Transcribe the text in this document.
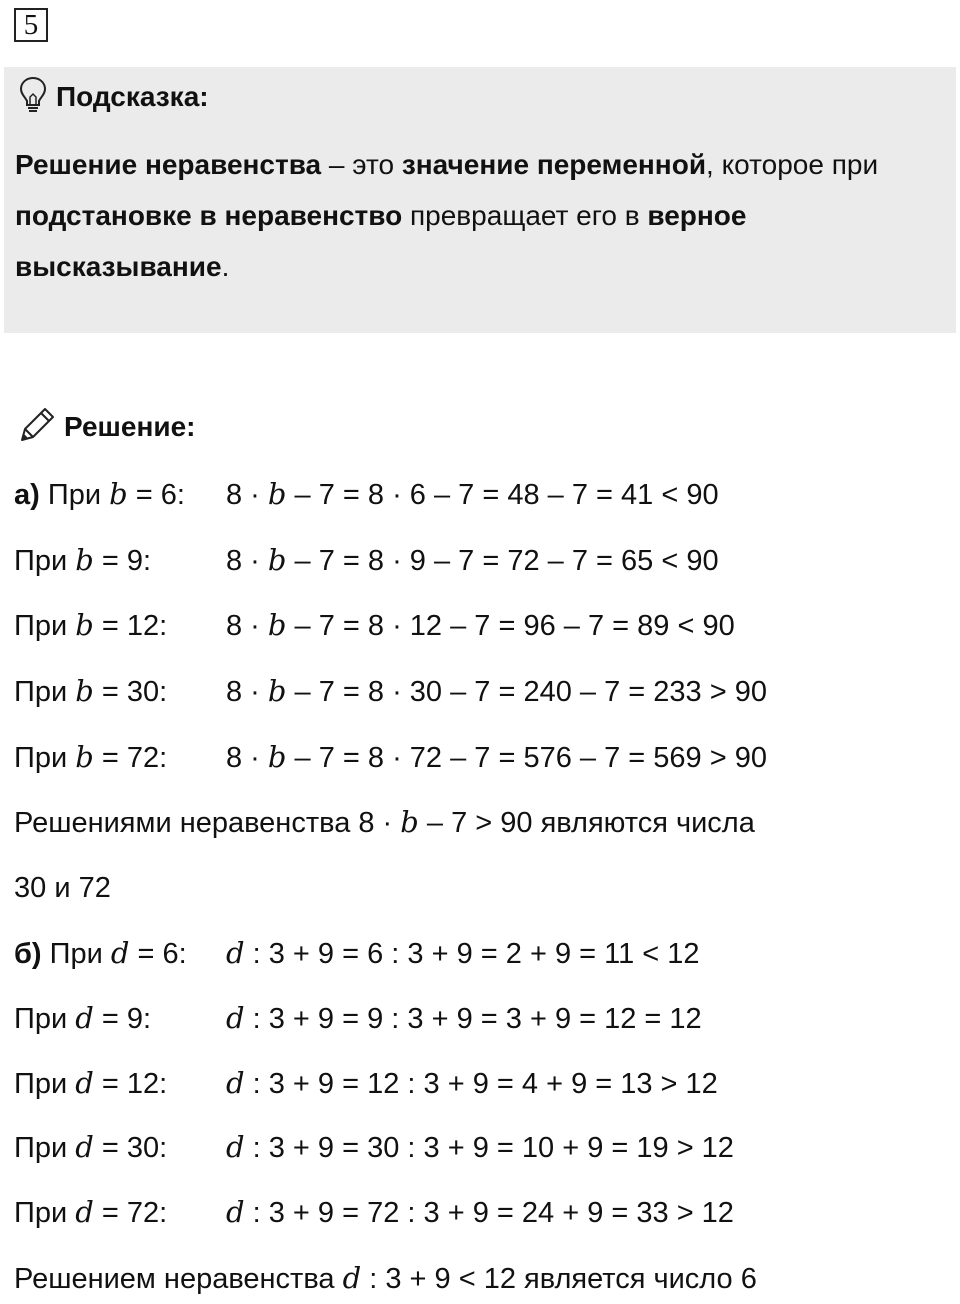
5
Подсказка:

Решение неравенства – это значение переменной, которое при подстановке в неравенство превращает его в верное высказывание.

Решение:
а) При b = 6: 8 · b – 7 = 8 · 6 – 7 = 48 – 7 = 41 < 90
При b = 9:	8 · b – 7 = 8 · 9 – 7 = 72 – 7 = 65 < 90
При b = 12: 8 · b – 7 = 8 · 12 – 7 = 96 – 7 = 89 < 90
При b = 30: 8 · b – 7 = 8 · 30 – 7 = 240 – 7 = 233 > 90
При b = 72: 8 · b – 7 = 8 · 72 – 7 = 576 – 7 = 569 > 90
Решениями неравенства 8 · b – 7 > 90 являются числа
30 и 72
б) При d = 6: d : 3 + 9 = 6 : 3 + 9 = 2 + 9 = 11 < 12
При d = 9:	d : 3 + 9 = 9 : 3 + 9 = 3 + 9 = 12 = 12
При d = 12: d : 3 + 9 = 12 : 3 + 9 = 4 + 9 = 13 > 12
При d = 30: d : 3 + 9 = 30 : 3 + 9 = 10 + 9 = 19 > 12
При d = 72: d : 3 + 9 = 72 : 3 + 9 = 24 + 9 = 33 > 12
Решением неравенства d : 3 + 9 < 12 является число 6
